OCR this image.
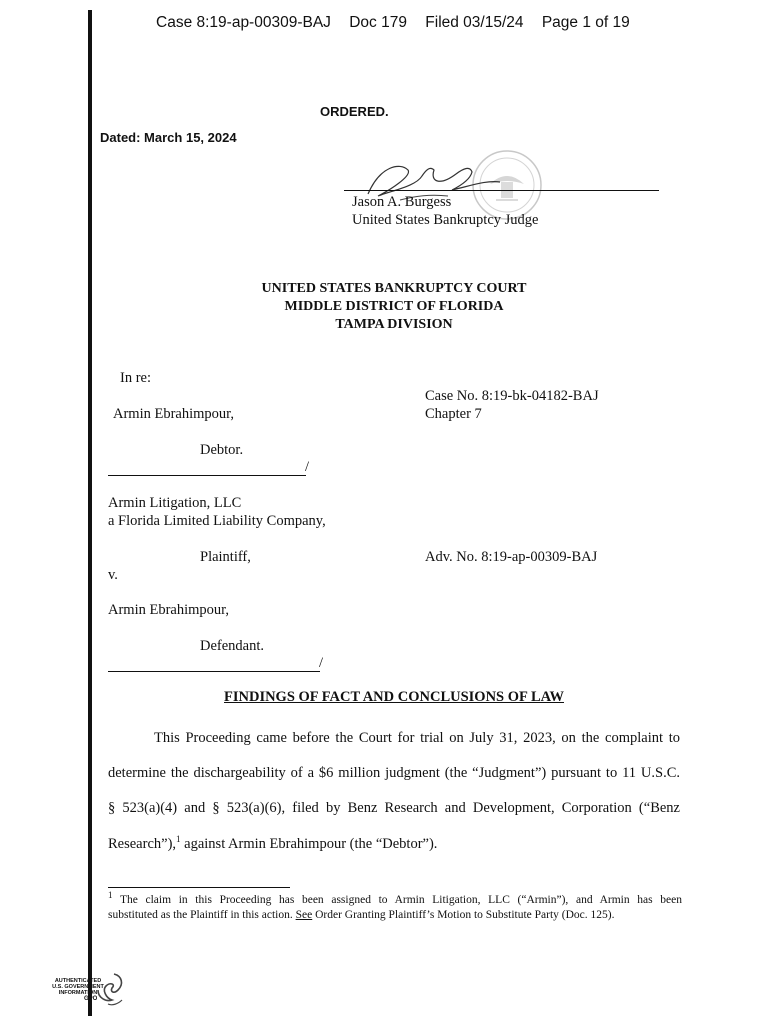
Case 8:19-ap-00309-BAJ Doc 179 Filed 03/15/24 Page 1 of 19
ORDERED.
Dated: March 15, 2024
Jason A. Burgess
United States Bankruptcy Judge
UNITED STATES BANKRUPTCY COURT
MIDDLE DISTRICT OF FLORIDA
TAMPA DIVISION
In re:
Case No. 8:19-bk-04182-BAJ
Armin Ebrahimpour,	Chapter 7
Debtor.
/
Armin Litigation, LLC
a Florida Limited Liability Company,
Plaintiff,	Adv. No. 8:19-ap-00309-BAJ
v.
Armin Ebrahimpour,
Defendant.
/
FINDINGS OF FACT AND CONCLUSIONS OF LAW
This Proceeding came before the Court for trial on July 31, 2023, on the complaint to
determine the dischargeability of a $6 million judgment (the “Judgment”) pursuant to 11 U.S.C.
§ 523(a)(4) and § 523(a)(6), filed by Benz Research and Development, Corporation (“Benz
Research”),$^1$ against Armin Ebrahimpour (the “Debtor”).
$^1$ The claim in this Proceeding has been assigned to Armin Litigation, LLC (“Armin”), and Armin has been
substituted as the Plaintiff in this action. See Order Granting Plaintiff’s Motion to Substitute Party (Doc. 125).
AUTHENTICATED
U.S. GOVERNMENT
INFORMATION
GPO
